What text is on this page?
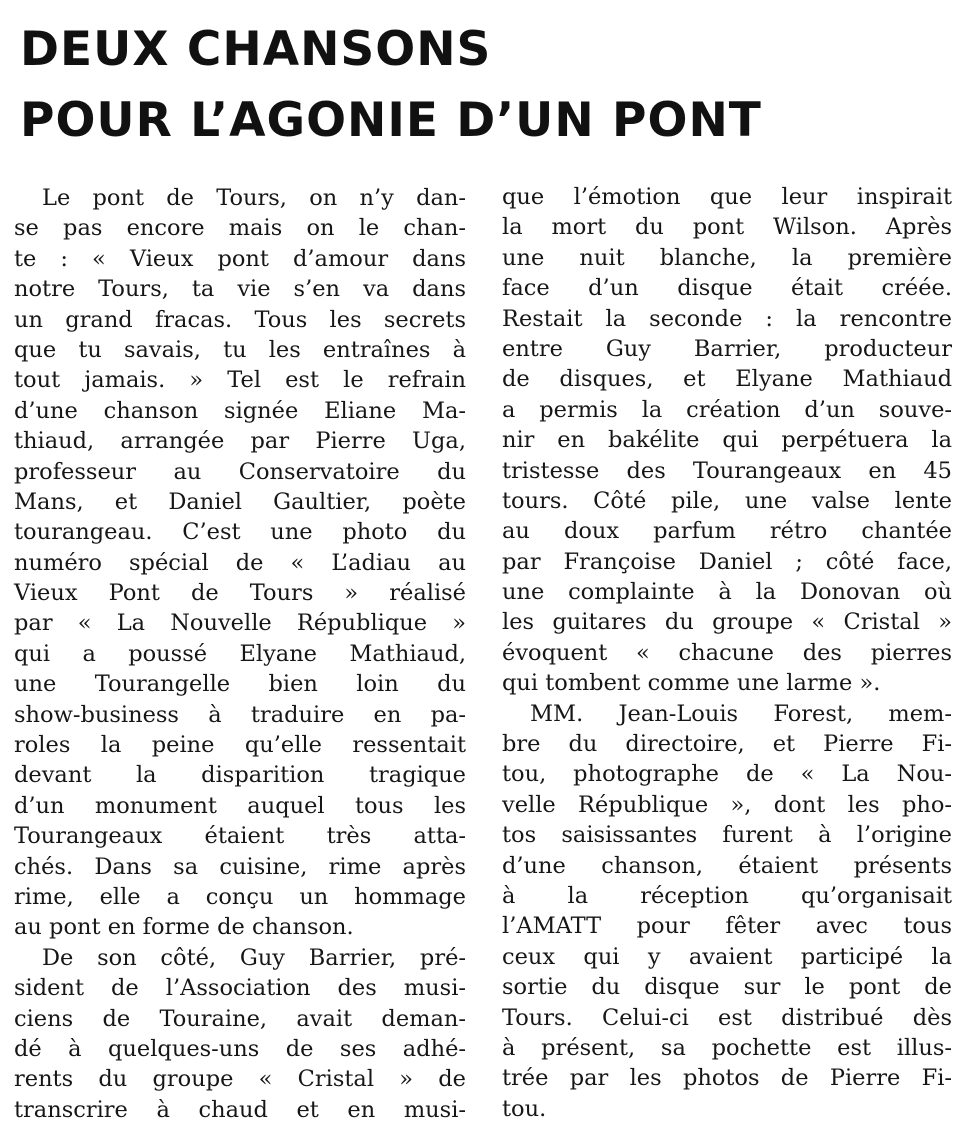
DEUX CHANSONS
POUR L’AGONIE D’UN PONT
Le pont de Tours, on n’y dan-
se pas encore mais on le chan-
te : « Vieux pont d’amour dans
notre Tours, ta vie s’en va dans
un grand fracas. Tous les secrets
que tu savais, tu les entraînes à
tout jamais. » Tel est le refrain
d’une chanson signée Eliane Ma-
thiaud, arrangée par Pierre Uga,
professeur au Conservatoire du
Mans, et Daniel Gaultier, poète
tourangeau. C’est une photo du
numéro spécial de « L’adiau au
Vieux Pont de Tours » réalisé
par « La Nouvelle République »
qui a poussé Elyane Mathiaud,
une Tourangelle bien loin du
show-business à traduire en pa-
roles la peine qu’elle ressentait
devant la disparition tragique
d’un monument auquel tous les
Tourangeaux étaient très atta-
chés. Dans sa cuisine, rime après
rime, elle a conçu un hommage
au pont en forme de chanson.
De son côté, Guy Barrier, pré-
sident de l’Association des musi-
ciens de Touraine, avait deman-
dé à quelques-uns de ses adhé-
rents du groupe « Cristal » de
transcrire à chaud et en musi-
que l’émotion que leur inspirait
la mort du pont Wilson. Après
une nuit blanche, la première
face d’un disque était créée.
Restait la seconde : la rencontre
entre Guy Barrier, producteur
de disques, et Elyane Mathiaud
a permis la création d’un souve-
nir en bakélite qui perpétuera la
tristesse des Tourangeaux en 45
tours. Côté pile, une valse lente
au doux parfum rétro chantée
par Françoise Daniel ; côté face,
une complainte à la Donovan où
les guitares du groupe « Cristal »
évoquent « chacune des pierres
qui tombent comme une larme ».
MM. Jean-Louis Forest, mem-
bre du directoire, et Pierre Fi-
tou, photographe de « La Nou-
velle République », dont les pho-
tos saisissantes furent à l’origine
d’une chanson, étaient présents
à la réception qu’organisait
l’AMATT pour fêter avec tous
ceux qui y avaient participé la
sortie du disque sur le pont de
Tours. Celui-ci est distribué dès
à présent, sa pochette est illus-
trée par les photos de Pierre Fi-
tou.
